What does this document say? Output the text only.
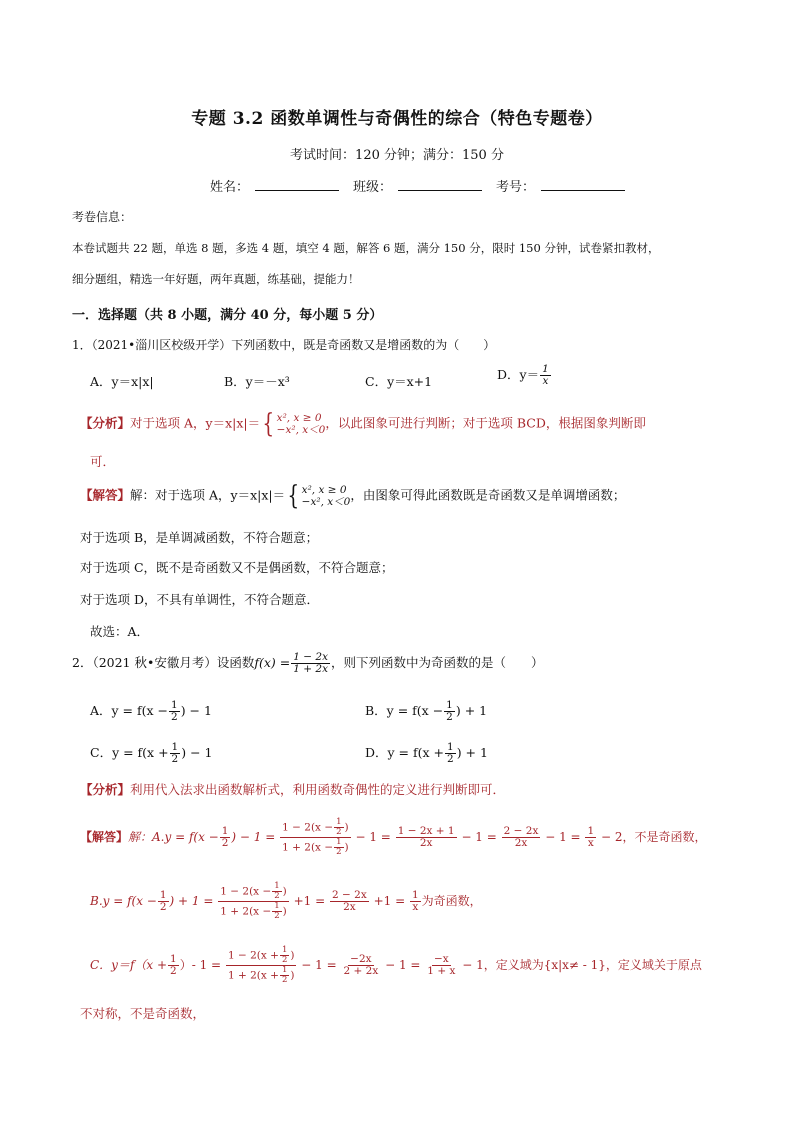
专题 3.2 函数单调性与奇偶性的综合（特色专题卷）
考试时间：120 分钟；满分：150 分
姓名：	班级：	考号：
考卷信息：
本卷试题共 22 题，单选 8 题，多选 4 题，填空 4 题，解答 6 题，满分 150 分，限时 150 分钟，试卷紧扣教材，
细分题组，精选一年好题，两年真题，练基础，提能力！
一．选择题（共 8 小题，满分 40 分，每小题 5 分）
1．（2021•淄川区校级开学）下列函数中，既是奇函数又是增函数的为（　　）
A．y＝x|x|	B．y＝－x³	C．y＝x+1	D．$y= \frac{1}{x}$
【分析】对于选项 A，y＝x|x|＝ { x², x ≥ 0
−x², x＜0 ，以此图象可进行判断；对于选项 BCD，根据图象判断即
可．
【解答】解：对于选项 A，y＝x|x|＝ { x², x ≥ 0
−x², x＜0 ，由图象可得此函数既是奇函数又是单调增函数；
对于选项 B，是单调减函数，不符合题意；
对于选项 C，既不是奇函数又不是偶函数，不符合题意；
对于选项 D，不具有单调性，不符合题意．
故选：A．
2．（2021 秋•安徽月考）设函数$f(x) = \frac{1 - 2x}{1 + 2x}$ ，则下列函数中为奇函数的是（　　）
A．$y = f(x - \frac{1}{2}$ ) − 1	B．$y = f(x - \frac{1}{2}$ ) + 1
C．$y = f(x + \frac{1}{2}$ ) − 1	D．$y = f(x + \frac{1}{2}$ ) + 1
【分析】利用代入法求出函数解析式，利用函数奇偶性的定义进行判断即可．
【解答】解：$A.y = f(x - \frac{1}{2}$ ) − $1 = \frac{1 - 2(x - \frac{1}{2} )}{1 + 2(x - \frac{1}{2} )} - 1 = \frac{1 - 2x + 1}{2x} - 1 = \frac{2 - 2x}{2x} - 1 = \frac{1}{x} - 2$，不是奇函数，
$B.y = f(x - \frac{1}{2}$ ) + $1 = \frac{1 - 2(x - \frac{1}{2} )}{1 + 2(x - \frac{1}{2} )} +1 = \frac{2 - 2x}{2x} +1 = \frac{1}{x}$ 为奇函数，
C．$y=f(x + \frac{1}{2}$ ）- $1 = \frac{1 - 2(x + \frac{1}{2} )}{1 + 2(x + \frac{1}{2} )} - 1 = \frac{-2x}{2 + 2x} - 1 = \frac{-x}{1 + x} - 1$，定义域为{x|x≠ - 1}，定义域关于原点
不对称，不是奇函数，
